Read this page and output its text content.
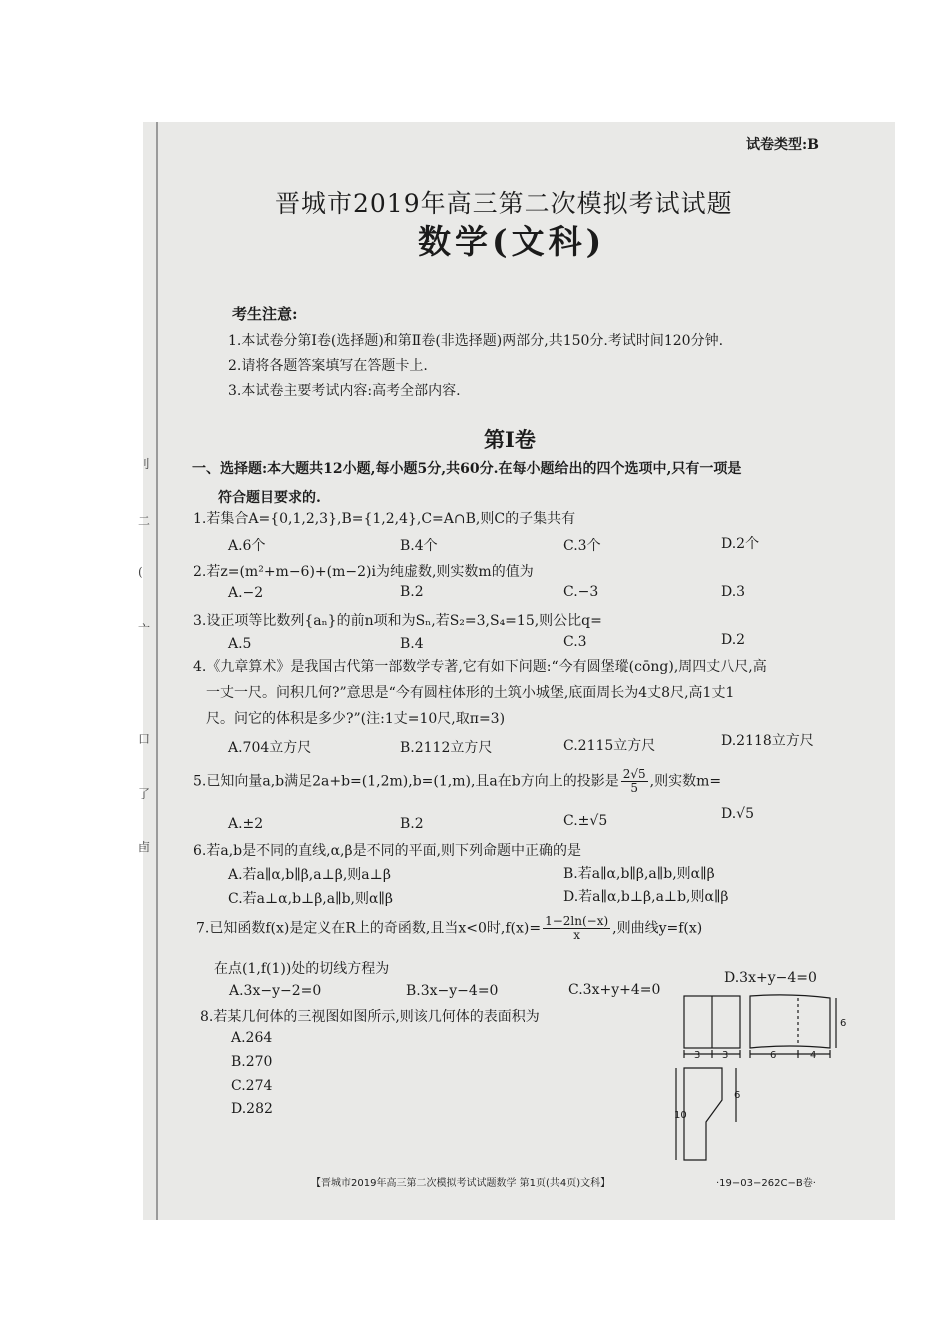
刂
二
(
亠
口
了
卣
试卷类型:B
晋城市2019年高三第二次模拟考试试题
数学(文科)
考生注意:
1.本试卷分第Ⅰ卷(选择题)和第Ⅱ卷(非选择题)两部分,共150分.考试时间120分钟.
2.请将各题答案填写在答题卡上.
3.本试卷主要考试内容:高考全部内容.
第Ⅰ卷
一、选择题:本大题共12小题,每小题5分,共60分.在每小题给出的四个选项中,只有一项是
符合题目要求的.
1.若集合A={0,1,2,3},B={1,2,4},C=A∩B,则C的子集共有
A.6个	B.4个	C.3个	D.2个
2.若z=(m²+m−6)+(m−2)i为纯虚数,则实数m的值为
A.−2	B.2	C.−3	D.3
3.设正项等比数列{aₙ}的前n项和为Sₙ,若S₂=3,S₄=15,则公比q=
A.5	B.4	C.3	D.2
4.《九章算术》是我国古代第一部数学专著,它有如下问题:“今有圆堡瑽(cōng),周四丈八尺,高
一丈一尺。问积几何?”意思是“今有圆柱体形的土筑小城堡,底面周长为4丈8尺,高1丈1
尺。问它的体积是多少?”(注:1丈=10尺,取π=3)
A.704立方尺	B.2112立方尺	C.2115立方尺	D.2118立方尺
5.已知向量a,b满足2a+b=(1,2m),b=(1,m),且a在b方向上的投影是 $\frac{2√5}{5}$ ,则实数m=
A.±2	B.2	C.±√5	D.√5
6.若a,b是不同的直线,α,β是不同的平面,则下列命题中正确的是
A.若a∥α,b∥β,a⊥β,则a⊥β	B.若a∥α,b∥β,a∥b,则α∥β
C.若a⊥α,b⊥β,a∥b,则α∥β	D.若a∥α,b⊥β,a⊥b,则α∥β
7.已知函数f(x)是定义在R上的奇函数,且当x<0时$,f(x)= \frac{1-2\ln(-x)}{x}$ ,则曲线y=f(x)
在点(1,f(1))处的切线方程为
A.3x−y−2=0	B.3x−y−4=0	C.3x+y+4=0
D.3x+y−4=0
8.若某几何体的三视图如图所示,则该几何体的表面积为
A.264
B.270
C.274
D.282
3 3	6	4
6
10
6
【晋城市2019年高三第二次模拟考试试题数学 第1页(共4页)文科】	·19−03−262C−B卷·
